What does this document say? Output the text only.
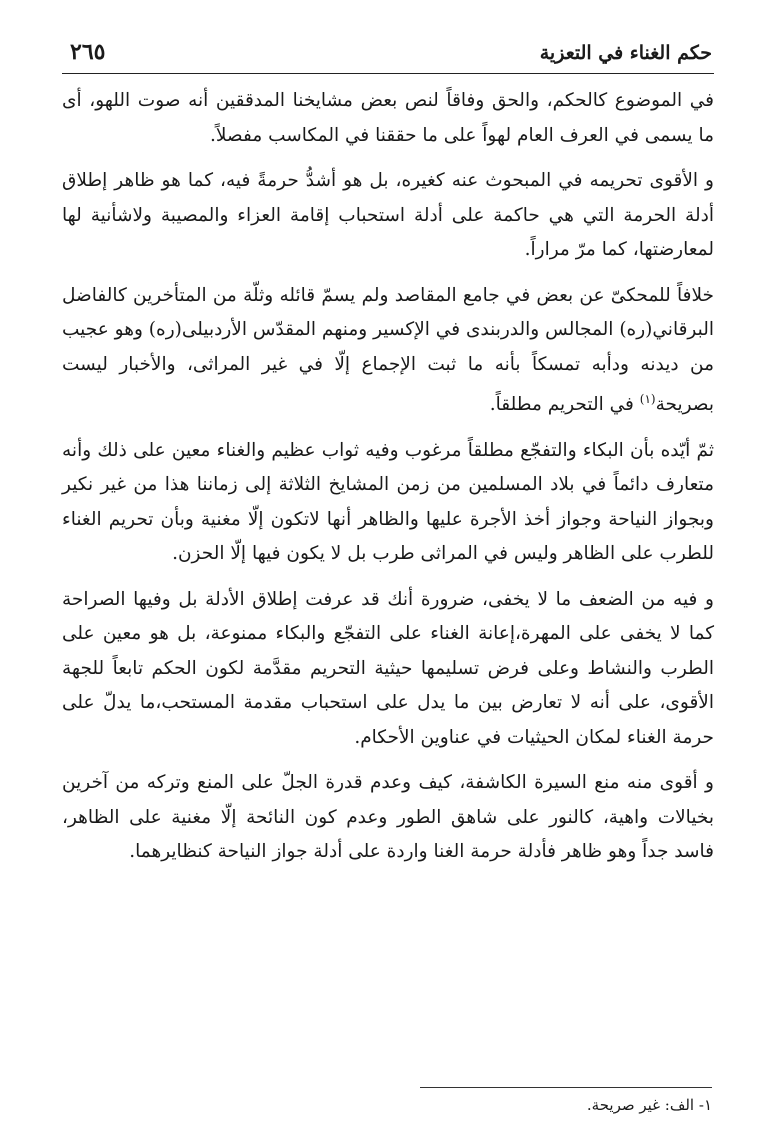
حكم الغناء في التعزية
٢٦٥

في الموضوع كالحكم، والحق وفاقاً لنص بعض مشايخنا المدققين أنه صوت اللهو، أى ما يسمى في العرف العام لهواً على ما حققنا في المكاسب مفصلاً.

و الأقوى تحريمه في المبحوث عنه كغيره، بل هو أشدُّ حرمةً فيه، كما هو ظاهر إطلاق أدلة الحرمة التي هي حاكمة على أدلة استحباب إقامة العزاء والمصيبة ولاشأنية لها لمعارضتها، كما مرّ مراراً.

خلافاً للمحكىّ عن بعض في جامع المقاصد ولم يسمّ قائله وثلّة من المتأخرين كالفاضل البرقاني(ره) المجالس والدربندى في الإكسير ومنهم المقدّس الأردبيلى(ره) وهو عجيب من ديدنه ودأبه تمسكاً بأنه ما ثبت الإجماع إلّا في غير المراثى، والأخبار ليست بصريحة$^{(١)}$ في التحريم مطلقاً.

ثمّ أيّده بأن البكاء والتفجّع مطلقاً مرغوب وفيه ثواب عظيم والغناء معين على ذلك وأنه متعارف دائماً في بلاد المسلمين من زمن المشايخ الثلاثة إلى زماننا هذا من غير نكير وبجواز النياحة وجواز أخذ الأجرة عليها والظاهر أنها لاتكون إلّا مغنية وبأن تحريم الغناء للطرب على الظاهر وليس في المراثى طرب بل لا يكون فيها إلّا الحزن.

و فيه من الضعف ما لا يخفى، ضرورة أنك قد عرفت إطلاق الأدلة بل وفيها الصراحة كما لا يخفى على المهرة،إعانة الغناء على التفجّع والبكاء ممنوعة، بل هو معين على الطرب والنشاط وعلى فرض تسليمها حيثية التحريم مقدَّمة لكون الحكم تابعاً للجهة الأقوى، على أنه لا تعارض بين ما يدل على استحباب مقدمة المستحب،ما يدلّ على حرمة الغناء لمكان الحيثيات في عناوين الأحكام.

و أقوى منه منع السيرة الكاشفة، كيف وعدم قدرة الجلّ على المنع وتركه من آخرين بخيالات واهية، كالنور على شاهق الطور وعدم كون النائحة إلّا مغنية على الظاهر، فاسد جداً وهو ظاهر فأدلة حرمة الغنا واردة على أدلة جواز النياحة كنظايرهما.

١- الف: غير صريحة.
